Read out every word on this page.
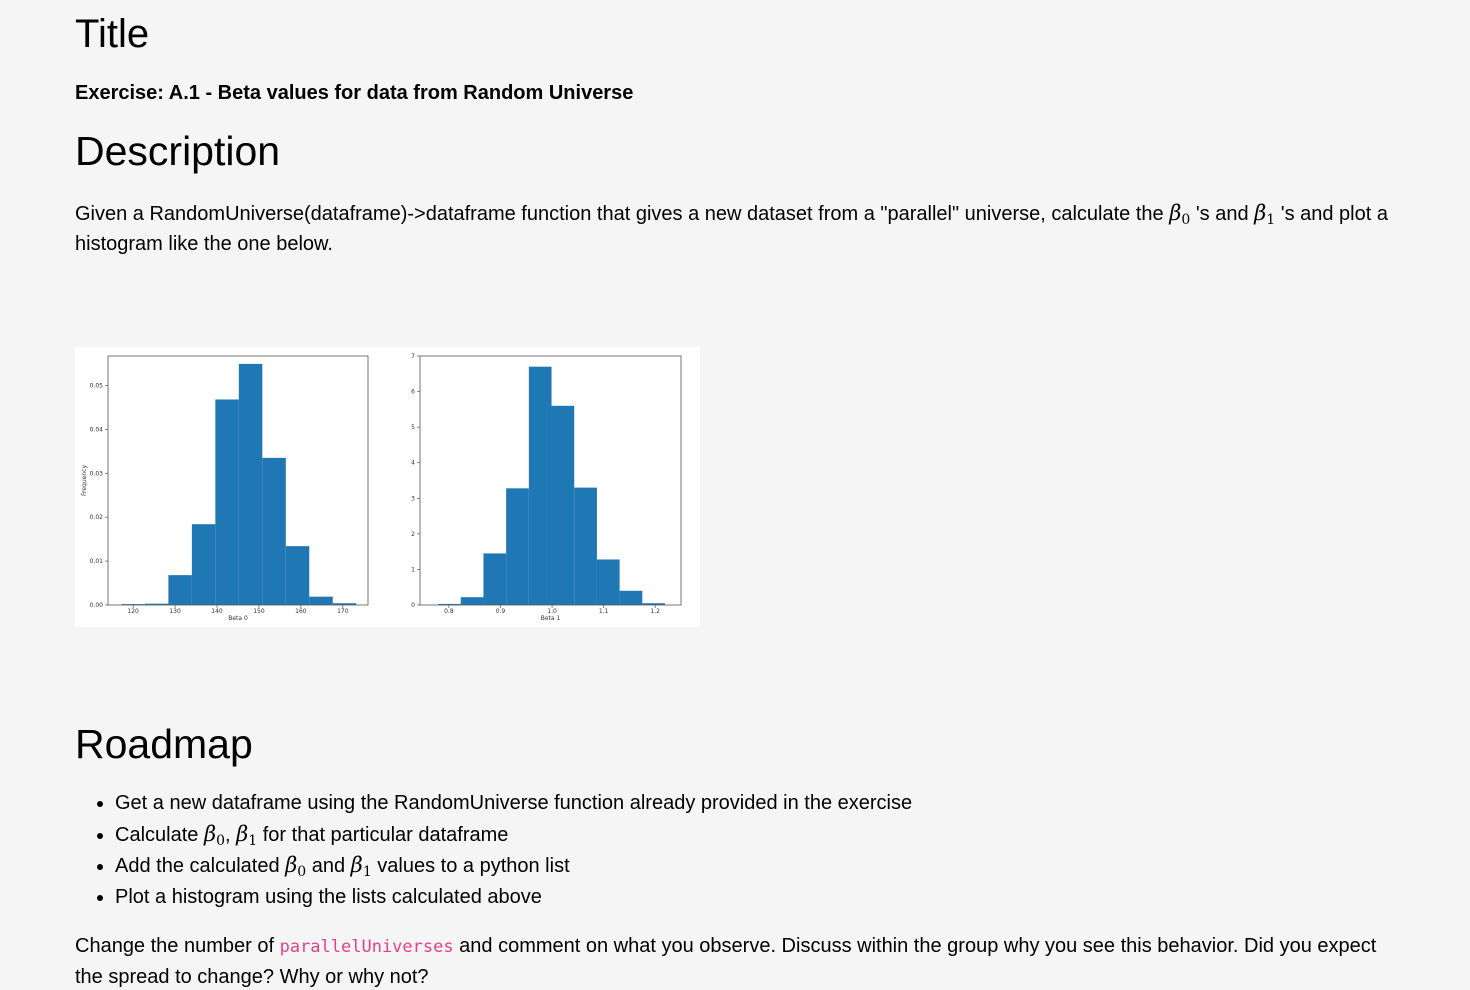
Title
Exercise: A.1 - Beta values for data from Random Universe
Description
Given a RandomUniverse(dataframe)->dataframe function that gives a new dataset from a "parallel" universe, calculate the $\beta_0$ 's and $\beta_1$ 's and plot a histogram like the one below.
120	130	140	150	160	170
0.00
0.01
0.02
0.03
0.04
0.05
Beta 0
Frequency
0.8	0.9	1.0	1.1	1.2
0
1
2
3
4
5
6
7
Beta 1
Roadmap
• Get a new dataframe using the RandomUniverse function already provided in the exercise
• Calculate $\beta_0$, $\beta_1$ for that particular dataframe
• Add the calculated $\beta_0$ and $\beta_1$ values to a python list
• Plot a histogram using the lists calculated above
Change the number of parallelUniverses and comment on what you observe. Discuss within the group why you see this behavior. Did you expect the spread to change? Why or why not?
